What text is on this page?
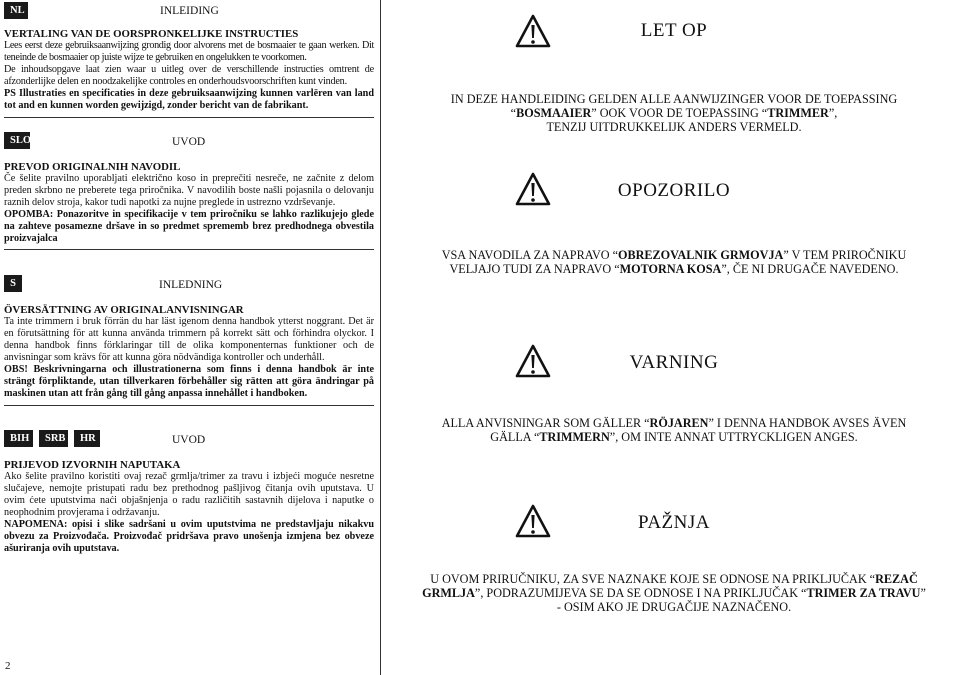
NL	INLEIDING
VERTALING VAN DE OORSPRONKELIJKE INSTRUCTIES
Lees eerst deze gebruiksaanwijzing grondig door alvorens met de bosmaaier te gaan werken. Dit teneinde de bosmaaier op juiste wijze te gebruiken en ongelukken te voorkomen.
De inhoudsopgave laat zien waar u uitleg over de verschillende instructies omtrent de afzonderlijke delen en noodzakelijke controles en onderhoudsvoorschriften kunt vinden.
PS Illustraties en specificaties in deze gebruiksaanwijzing kunnen varlëren van land tot and en kunnen worden gewijzigd, zonder bericht van de fabrikant.
SLO	UVOD
PREVOD ORIGINALNIH NAVODIL
Če šelite pravilno uporabljati električno koso in preprečiti nesreče, ne začnite z delom preden skrbno ne preberete tega priročnika. V navodilih boste našli pojasnila o delovanju raznih delov stroja, kakor tudi napotki za nujne preglede in ustrezno vzdrševanje.
OPOMBA: Ponazoritve in specifikacije v tem priročniku se lahko razlikujejo glede na zahteve posamezne dršave in so predmet sprememb brez predhodnega obvestila proizvajalca
S	INLEDNING
ÖVERSÄTTNING AV ORIGINALANVISNINGAR
Ta inte trimmern i bruk förrän du har läst igenom denna handbok ytterst noggrant. Det är en förutsättning för att kunna använda trimmern på korrekt sätt och förhindra olyckor. I denna handbok finns förklaringar till de olika komponenternas funktioner och de anvisningar som krävs för att kunna göra nödvändiga kontroller och underhåll.
OBS! Beskrivningarna och illustrationerna som finns i denna handbok är inte strängt förpliktande, utan tillverkaren förbehåller sig rätten att göra ändringar på maskinen utan att från gång till gång anpassa innehållet i handboken.
BIH	SRB	HR	UVOD
PRIJEVOD IZVORNIH NAPUTAKA
Ako šelite pravilno koristiti ovaj rezač grmlja/trimer za travu i izbjeći moguće nesretne slučajeve, nemojte pristupati radu bez prethodnog pašljivog čitanja ovih uputstava. U ovim ćete uputstvima naći objašnjenja o radu različitih sastavnih dijelova i naputke o neophodnim provjerama i održavanju.
NAPOMENA: opisi i slike sadršani u ovim uputstvima ne predstavljaju nikakvu obvezu za Proizvođača. Proizvođač pridršava pravo unošenja izmjena bez obveze ašuriranja ovih uputstava.
2
LET OP
IN DEZE HANDLEIDING GELDEN ALLE AANWIJZINGER VOOR DE TOEPASSING
“BOSMAAIER” OOK VOOR DE TOEPASSING “TRIMMER”,
TENZIJ UITDRUKKELIJK ANDERS VERMELD.
OPOZORILO
VSA NAVODILA ZA NAPRAVO “OBREZOVALNIK GRMOVJA” V TEM PRIROČNIKU
VELJAJO TUDI ZA NAPRAVO “MOTORNA KOSA”, ČE NI DRUGAČE NAVEDENO.
VARNING
ALLA ANVISNINGAR SOM GÄLLER “RÖJAREN” I DENNA HANDBOK AVSES ÄVEN
GÄLLA “TRIMMERN”, OM INTE ANNAT UTTRYCKLIGEN ANGES.
PAŽNJA
U OVOM PRIRUČNIKU, ZA SVE NAZNAKE KOJE SE ODNOSE NA PRIKLJUČAK “REZAČ
GRMLJA”, PODRAZUMIJEVA SE DA SE ODNOSE I NA PRIKLJUČAK “TRIMER ZA TRAVU”
- OSIM AKO JE DRUGAČIJE NAZNAČENO.
